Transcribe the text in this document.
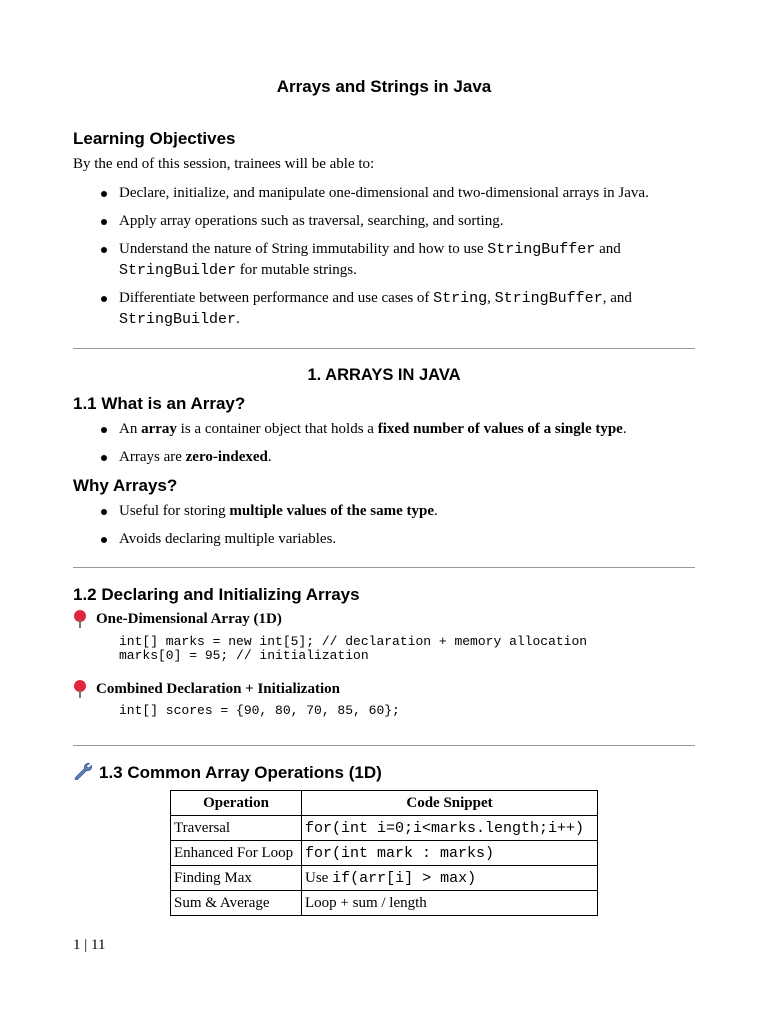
Arrays and Strings in Java
Learning Objectives
By the end of this session, trainees will be able to:
Declare, initialize, and manipulate one-dimensional and two-dimensional arrays in Java.
Apply array operations such as traversal, searching, and sorting.
Understand the nature of String immutability and how to use StringBuffer and
StringBuilder for mutable strings.
Differentiate between performance and use cases of String, StringBuffer, and
StringBuilder.
1. ARRAYS IN JAVA
1.1 What is an Array?
An array is a container object that holds a fixed number of values of a single type.
Arrays are zero-indexed.
Why Arrays?
Useful for storing multiple values of the same type.
Avoids declaring multiple variables.
1.2 Declaring and Initializing Arrays
One-Dimensional Array (1D)
int[] marks = new int[5]; // declaration + memory allocation
marks[0] = 95; // initialization
Combined Declaration + Initialization
int[] scores = {90, 80, 70, 85, 60};
1.3 Common Array Operations (1D)
Operation	Code Snippet
Traversal	for(int i=0;i<marks.length;i++)
Enhanced For Loop	for(int mark : marks)
Finding Max	Use if(arr[i] > max)
Sum & Average	Loop + sum / length
1 | 11
